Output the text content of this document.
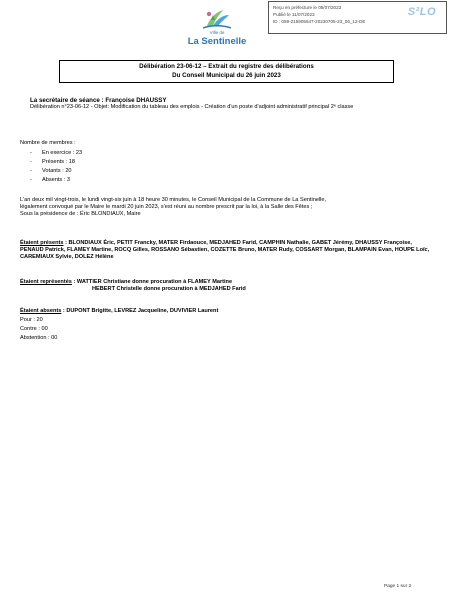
Reçu en préfecture le 05/07/2023
Publié le 11/07/2023
ID : 059-215905647-20230705-23_06_12-DE
S²LO
Ville de
La Sentinelle
Délibération 23-06-12 – Extrait du registre des délibérations
Du Conseil Municipal du 26 juin 2023
La secrétaire de séance : Françoise DHAUSSY
Délibération n°23-06-12 - Objet: Modification du tableau des emplois - Création d'un poste d'adjoint administratif principal 2ᵉ classe
Nombre de membres :
- En exercice : 23
- Présents : 18
- Votants : 20
- Absents : 3
L'an deux mil vingt-trois, le lundi vingt-six juin à 18 heure 30 minutes, le Conseil Municipal de la Commune de La Sentinelle,
légalement convoqué par le Maire le mardi 20 juin 2023, s'est réuni au nombre prescrit par la loi, à la Salle des Fêtes ;
Sous la présidence de : Éric BLONDIAUX, Maire
Étaient présents : BLONDIAUX Éric, PETIT Francky, MATER Firdaouce, MEDJAHED Farid, CAMPHIN Nathalie, GABET Jérémy, DHAUSSY Françoise, PENAUD Patrick, FLAMEY Martine, ROCQ Gilles, ROSSANO Sébastien, COZETTE Bruno, MATER Rudy, COSSART Morgan, BLAMPAIN Evan, HOUPE Loïc, CAREMIAUX Sylvie, DOLEZ Hélène
Étaient représentés : WATTIER Christiane donne procuration à FLAMEY Martine
HEBERT Christelle donne procuration à MEDJAHED Farid
Étaient absents : DUPONT Brigitte, LEVREZ Jacqueline, DUVIVIER Laurent
Pour : 20
Contre : 00
Abstention : 00
Page 1 sur 2
